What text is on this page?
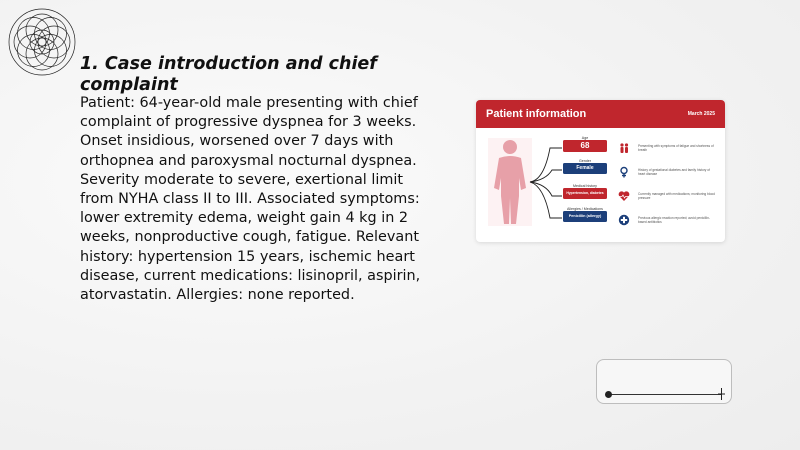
1. Case introduction and chief complaint

Patient: 64-year-old male presenting with chief complaint of progressive dyspnea for 3 weeks. Onset insidious, worsened over 7 days with orthopnea and paroxysmal nocturnal dyspnea. Severity moderate to severe, exertional limit from NYHA class II to III. Associated symptoms: lower extremity edema, weight gain 4 kg in 2 weeks, nonproductive cough, fatigue. Relevant history: hypertension 15 years, ischemic heart disease, current medications: lisinopril, aspirin, atorvastatin. Allergies: none reported.

Patient information	March 2025
Age
68
Gender
Female
Medical history
Hypertension, diabetes
Allergies / Medications
Penicillin (allergy)
Presenting with symptoms of fatigue and shortness of breath
History of gestational diabetes and family history of heart disease
Currently managed with medications; monitoring blood pressure
Previous allergic reaction reported; avoid penicillin-based antibiotics
